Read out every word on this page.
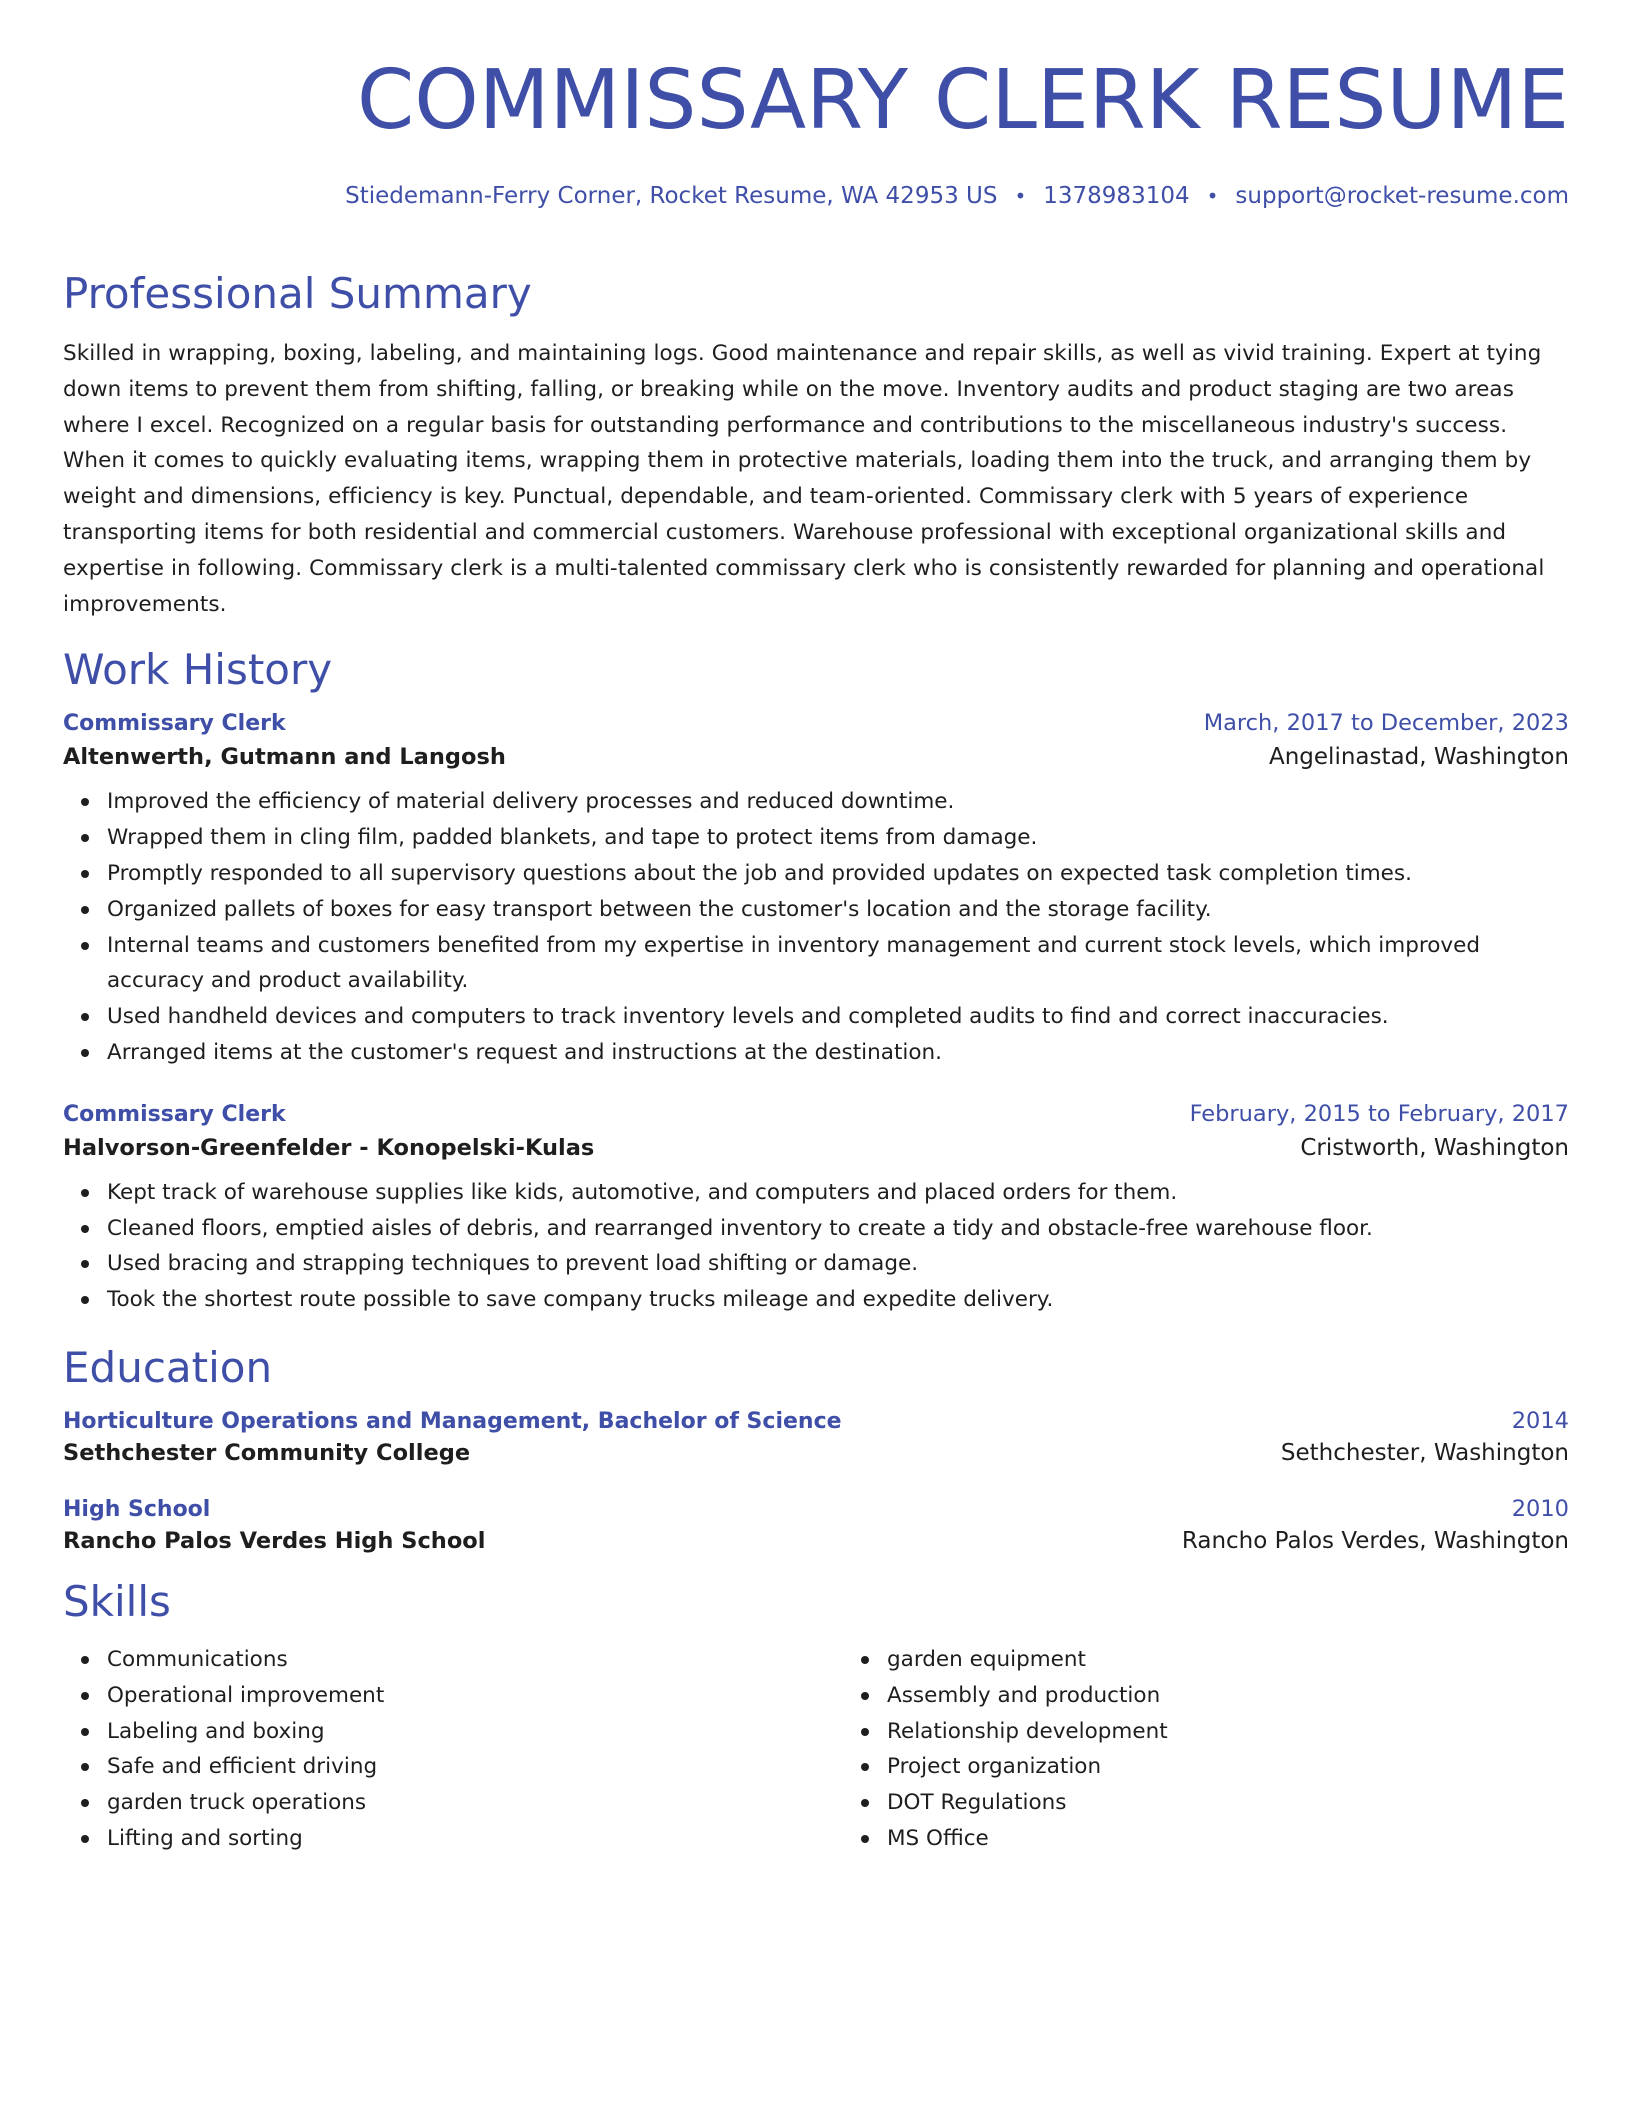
COMMISSARY CLERK RESUME
Stiedemann-Ferry Corner, Rocket Resume, WA 42953 US • 1378983104 • support@rocket-resume.com
Professional Summary

Skilled in wrapping, boxing, labeling, and maintaining logs. Good maintenance and repair skills, as well as vivid training. Expert at tying down items to prevent them from shifting, falling, or breaking while on the move. Inventory audits and product staging are two areas where I excel. Recognized on a regular basis for outstanding performance and contributions to the miscellaneous industry's success. When it comes to quickly evaluating items, wrapping them in protective materials, loading them into the truck, and arranging them by weight and dimensions, efficiency is key. Punctual, dependable, and team-oriented. Commissary clerk with 5 years of experience transporting items for both residential and commercial customers. Warehouse professional with exceptional organizational skills and expertise in following. Commissary clerk is a multi-talented commissary clerk who is consistently rewarded for planning and operational improvements.

Work History
Commissary Clerk	March, 2017 to December, 2023
Altenwerth, Gutmann and Langosh	Angelinastad, Washington
Improved the efficiency of material delivery processes and reduced downtime.
Wrapped them in cling film, padded blankets, and tape to protect items from damage.
Promptly responded to all supervisory questions about the job and provided updates on expected task completion times.
Organized pallets of boxes for easy transport between the customer's location and the storage facility.
Internal teams and customers benefited from my expertise in inventory management and current stock levels, which improved accuracy and product availability.
Used handheld devices and computers to track inventory levels and completed audits to find and correct inaccuracies.
Arranged items at the customer's request and instructions at the destination.
Commissary Clerk	February, 2015 to February, 2017
Halvorson-Greenfelder - Konopelski-Kulas	Cristworth, Washington
Kept track of warehouse supplies like kids, automotive, and computers and placed orders for them.
Cleaned floors, emptied aisles of debris, and rearranged inventory to create a tidy and obstacle-free warehouse floor.
Used bracing and strapping techniques to prevent load shifting or damage.
Took the shortest route possible to save company trucks mileage and expedite delivery.
Education
Horticulture Operations and Management, Bachelor of Science	2014
Sethchester Community College	Sethchester, Washington
High School	2010
Rancho Palos Verdes High School	Rancho Palos Verdes, Washington
Skills
Communications
Operational improvement
Labeling and boxing
Safe and efficient driving
garden truck operations
Lifting and sorting
garden equipment
Assembly and production
Relationship development
Project organization
DOT Regulations
MS Office
